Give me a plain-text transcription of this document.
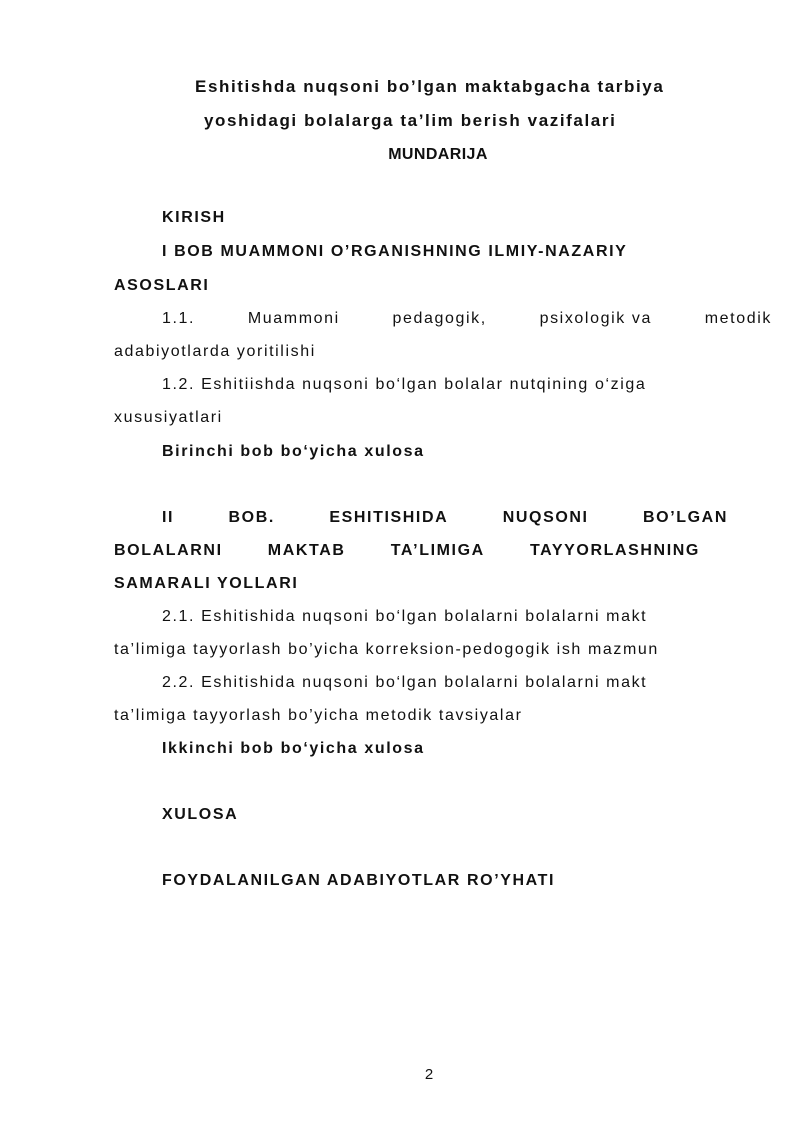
Eshitishda nuqsoni bo’lgan maktabgacha tarbiya
yoshidagi bolalarga ta’lim berish vazifalari
MUNDARIJA
KIRISH
I BOB MUAMMONI O’RGANISHNING ILMIY-NAZARIY
ASOSLARI
1.1.	Muammoni	pedagogik,	psixologik va	metodik
adabiyotlarda yoritilishi
1.2. Eshitiishda nuqsoni bo‘lgan bolalar nutqining o‘ziga
xususiyatlari
Birinchi bob bo‘yicha xulosa
II	BOB.	ESHITISHIDA	NUQSONI	BO’LGAN
BOLALARNI	MAKTAB	TA’LIMIGA	TAYYORLASHNING
SAMARALI YOLLARI
2.1. Eshitishida nuqsoni bo‘lgan bolalarni bolalarni makt
ta’limiga tayyorlash bo’yicha korreksion-pedogogik ish mazmun
2.2. Eshitishida nuqsoni bo‘lgan bolalarni bolalarni makt
ta’limiga tayyorlash bo’yicha metodik tavsiyalar
Ikkinchi bob bo‘yicha xulosa
XULOSA
FOYDALANILGAN ADABIYOTLAR RO’YHATI
2
